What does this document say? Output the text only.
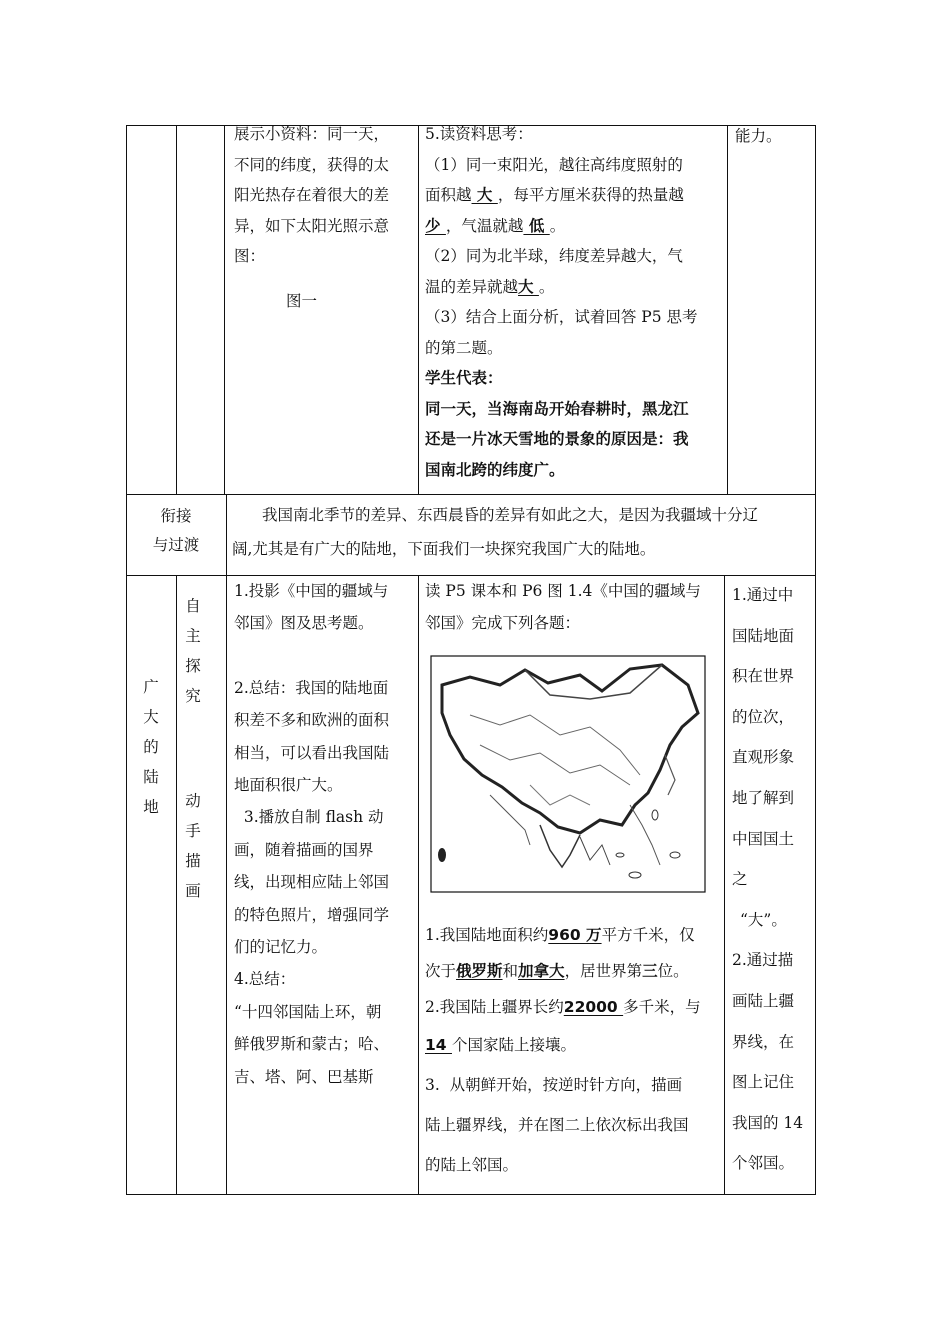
展示小资料：同一天，

不同的纬度，获得的太

阳光热存在着很大的差

异，如下太阳光照示意

图：

图一

5.读资料思考：

（1）同一束阳光，越往高纬度照射的

面积越 大 ，每平方厘米获得的热量越

少 ，气温就越 低 。

（2）同为北半球，纬度差异越大，气

温的差异就越大 。

（3）结合上面分析，试着回答 P5 思考

的第二题。

学生代表：

同一天，当海南岛开始春耕时，黑龙江

还是一片冰天雪地的景象的原因是：我

国南北跨的纬度广。

能力。

衔接

与过渡

我国南北季节的差异、东西晨昏的差异有如此之大，是因为我疆域十分辽

阔,尤其是有广大的陆地，下面我们一块探究我国广大的陆地。

广
大
的
陆
地
自
主
探
究
动
手
描
画

1.投影《中国的疆域与

邻国》图及思考题。

2.总结：我国的陆地面

积差不多和欧洲的面积

相当，可以看出我国陆

地面积很广大。

3.播放自制 flash 动

画，随着描画的国界

线，出现相应陆上邻国

的特色照片，增强同学

们的记忆力。

4.总结：

“十四邻国陆上环，朝

鲜俄罗斯和蒙古；哈、

吉、塔、阿、巴基斯

读 P5 课本和 P6 图 1.4《中国的疆域与

邻国》完成下列各题：

1.我国陆地面积约960 万平方千米，仅

次于俄罗斯和加拿大，居世界第三位。

2.我国陆上疆界长约22000 多千米，与

14 个国家陆上接壤。

3.  从朝鲜开始，按逆时针方向，描画

陆上疆界线，并在图二上依次标出我国

的陆上邻国。

1.通过中

国陆地面

积在世界

的位次，

直观形象

地了解到

中国国土

之

“大”。

2.通过描

画陆上疆

界线，在

图上记住

我国的 14

个邻国。
